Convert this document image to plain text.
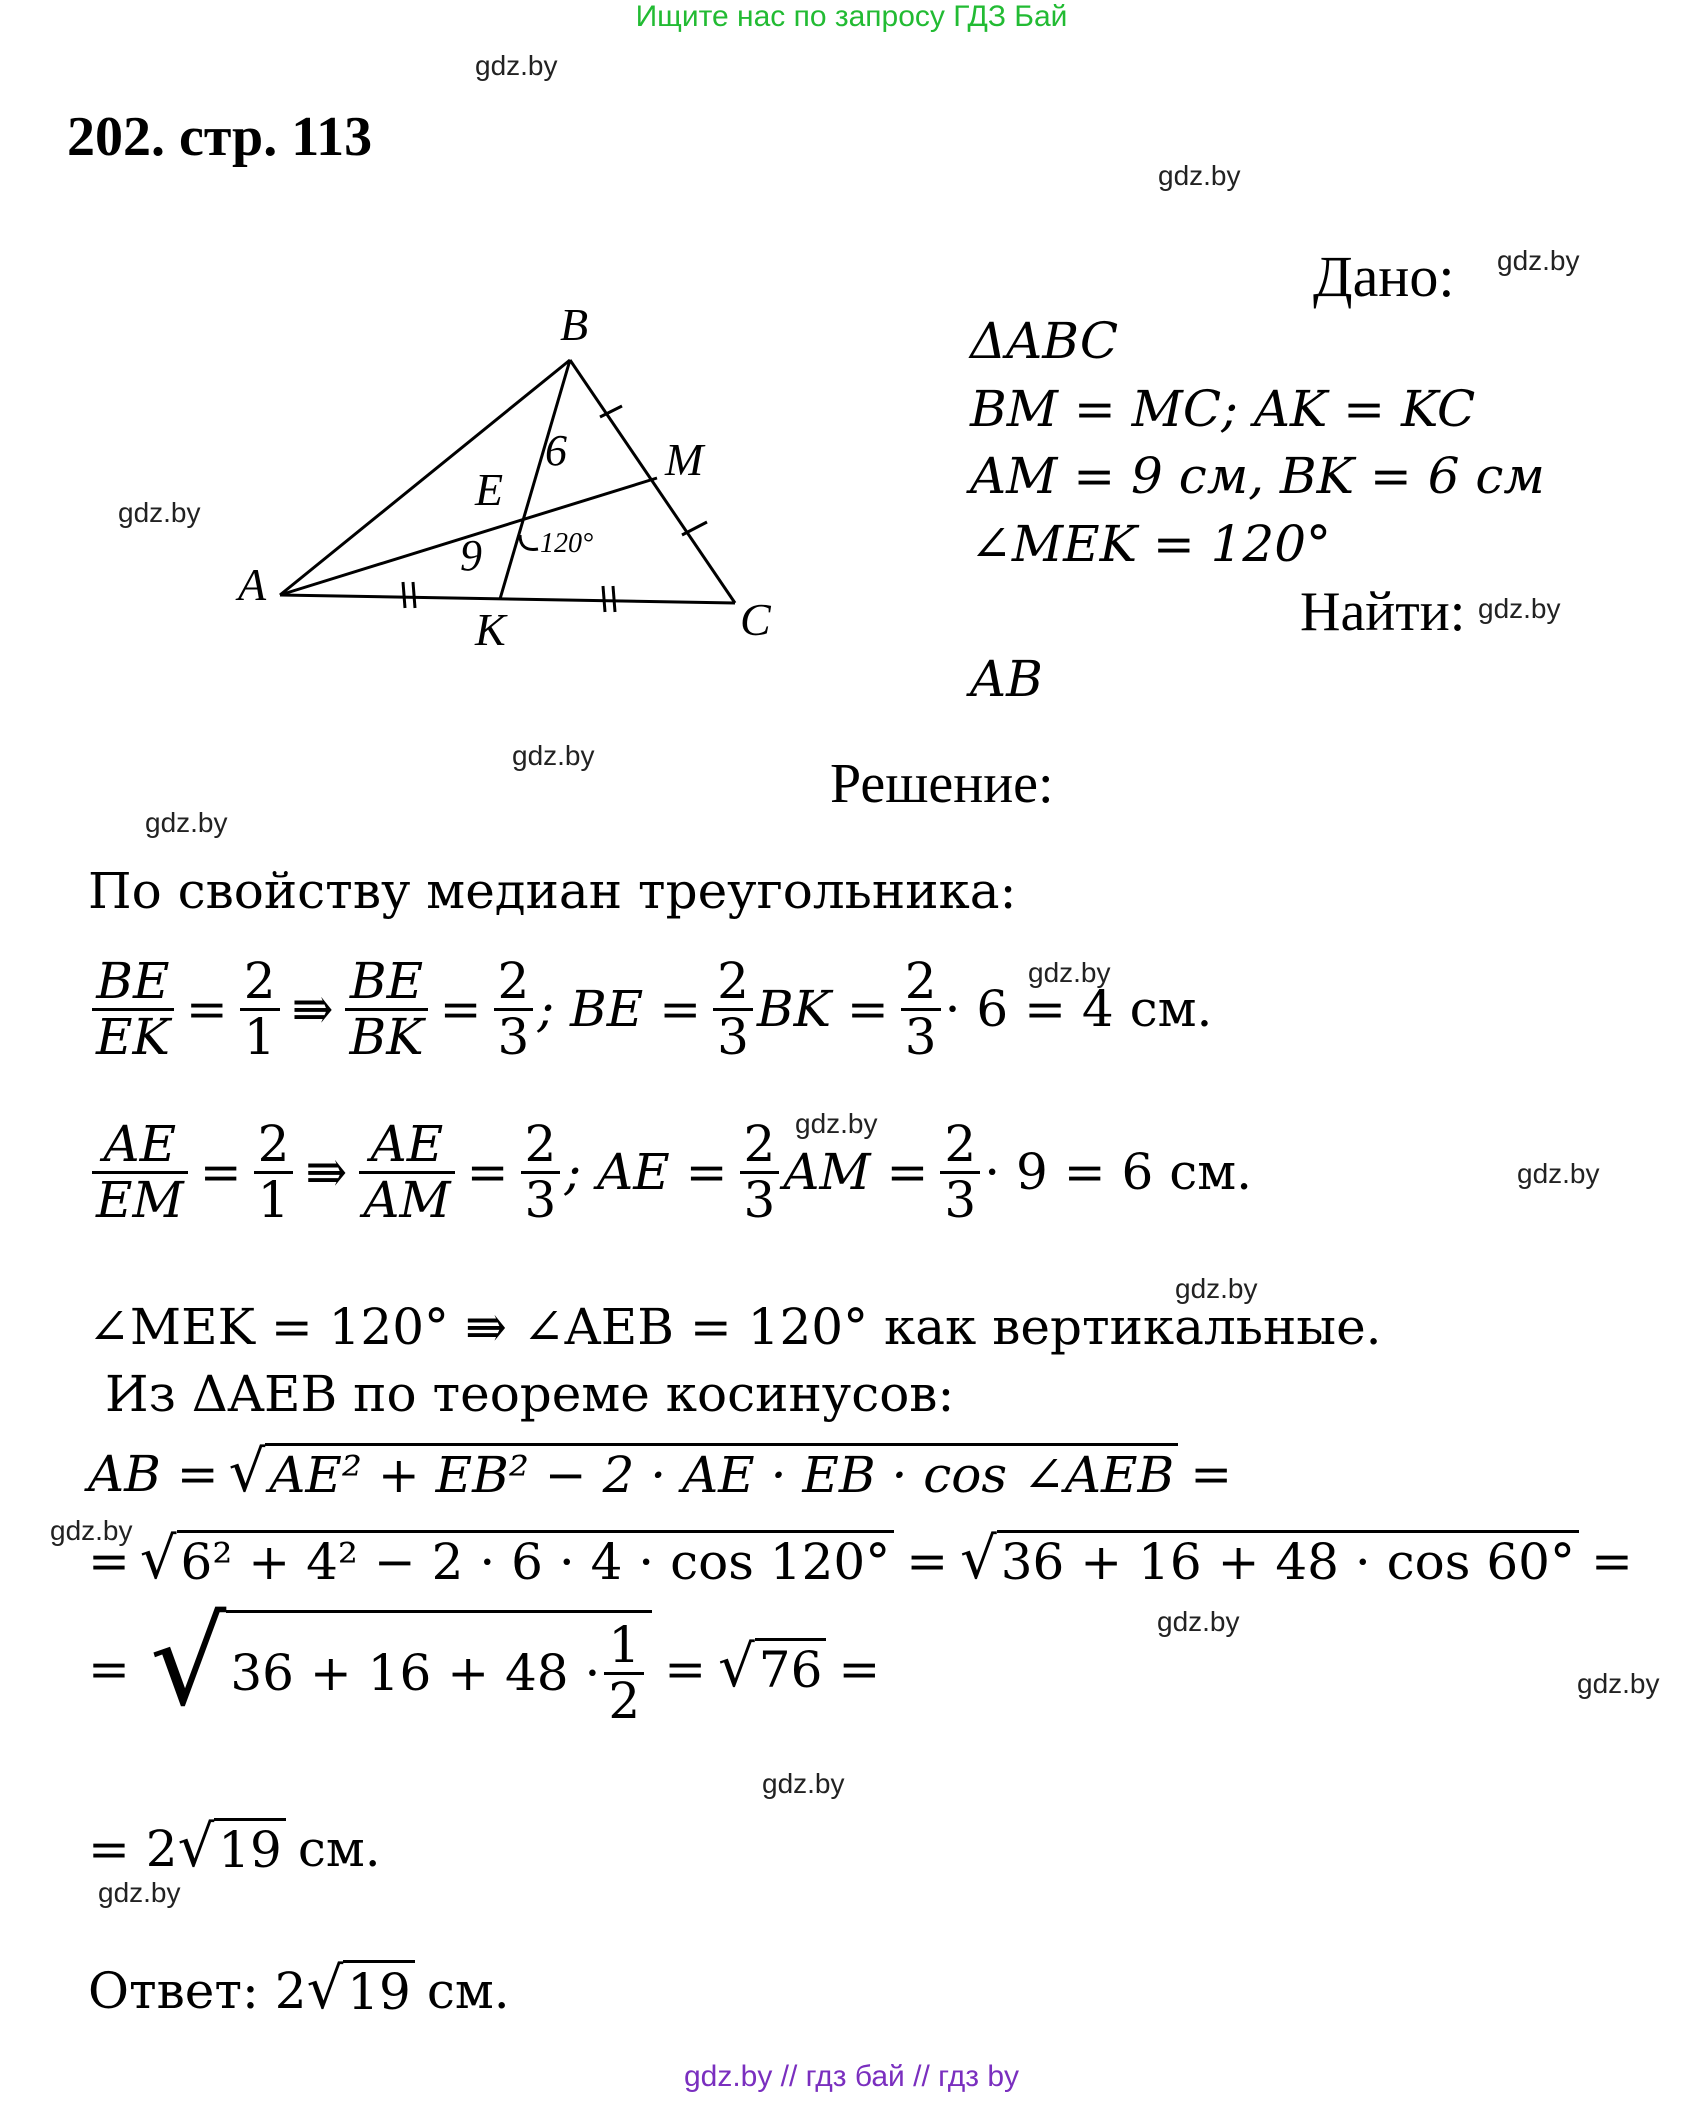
Ищите нас по запросу ГДЗ Бай
gdz.by
gdz.by
gdz.by
gdz.by
gdz.by
gdz.by
gdz.by
gdz.by
gdz.by
gdz.by
gdz.by
gdz.by
gdz.by
gdz.by
gdz.by
gdz.by
202. стр. 113
B
M
E
A
K	C
6
9 120°
Дано:
ΔABC
BM = MC; AK = KC
AM = 9 см, BK = 6 см
∠MEK = 120°
Найти:
AB
Решение:
По свойству медиан треугольника:
$\frac{BE}{EK} = \frac{2}{1}$ ⇛ $\frac{BE}{BK} = \frac{2}{3}$ ; BE = $\frac{2}{3}$ BK = $\frac{2}{3} \cdot 6 = 4$ см.
$\frac{AE}{EM} = \frac{2}{1}$ ⇛ $\frac{AE}{AM} = \frac{2}{3}$ ; AE = $\frac{2}{3}$ AM = $\frac{2}{3} \cdot 9 = 6$ см.
∠MEK = 120° ⇛ ∠AEB = 120° как вертикальные.
Из ΔAEB по теореме косинусов:
AB = √ AE² + EB² − 2 · AE · EB · cos ∠AEB =
= √ 6² + 4² − 2 · 6 · 4 · cos 120° = √ 36 + 16 + 48 · cos 60° =
= √ $36 + 16 + 48 \cdot \frac{1}{2}$ = √ 76 =
= 2 √ 19 см.
Ответ: 2 √ 19 см.
gdz.by // гдз бай // гдз by
